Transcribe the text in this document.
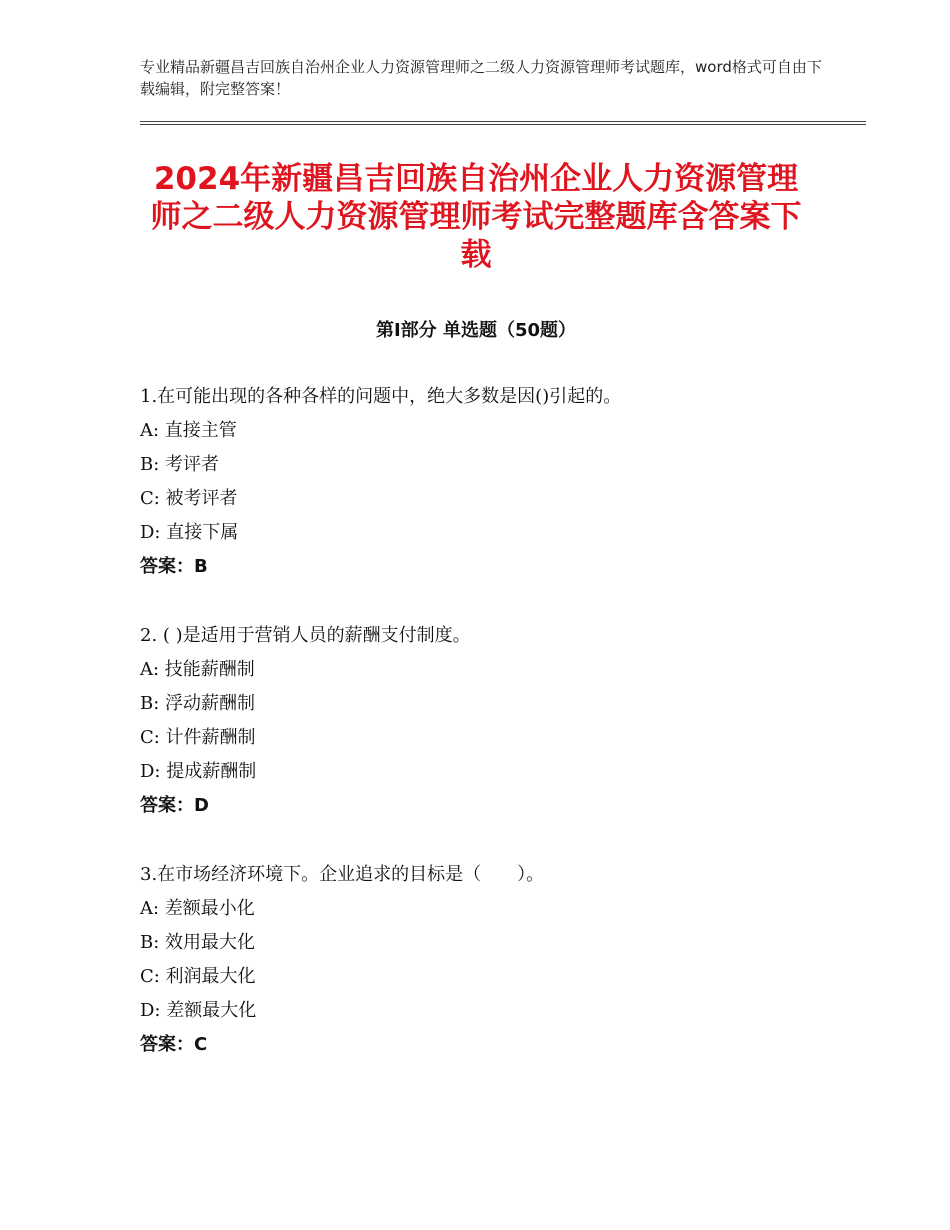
专业精品新疆昌吉回族自治州企业人力资源管理师之二级人力资源管理师考试题库，word格式可自由下载编辑，附完整答案！
2024年新疆昌吉回族自治州企业人力资源管理师之二级人力资源管理师考试完整题库含答案下载
第Ⅰ部分 单选题（50题）
1.在可能出现的各种各样的问题中，绝大多数是因()引起的。
A: 直接主管
B: 考评者
C: 被考评者
D: 直接下属
答案：B
2. ( )是适用于营销人员的薪酬支付制度。
A: 技能薪酬制
B: 浮动薪酬制
C: 计件薪酬制
D: 提成薪酬制
答案：D
3.在市场经济环境下。企业追求的目标是（　　）。
A: 差额最小化
B: 效用最大化
C: 利润最大化
D: 差额最大化
答案：C
